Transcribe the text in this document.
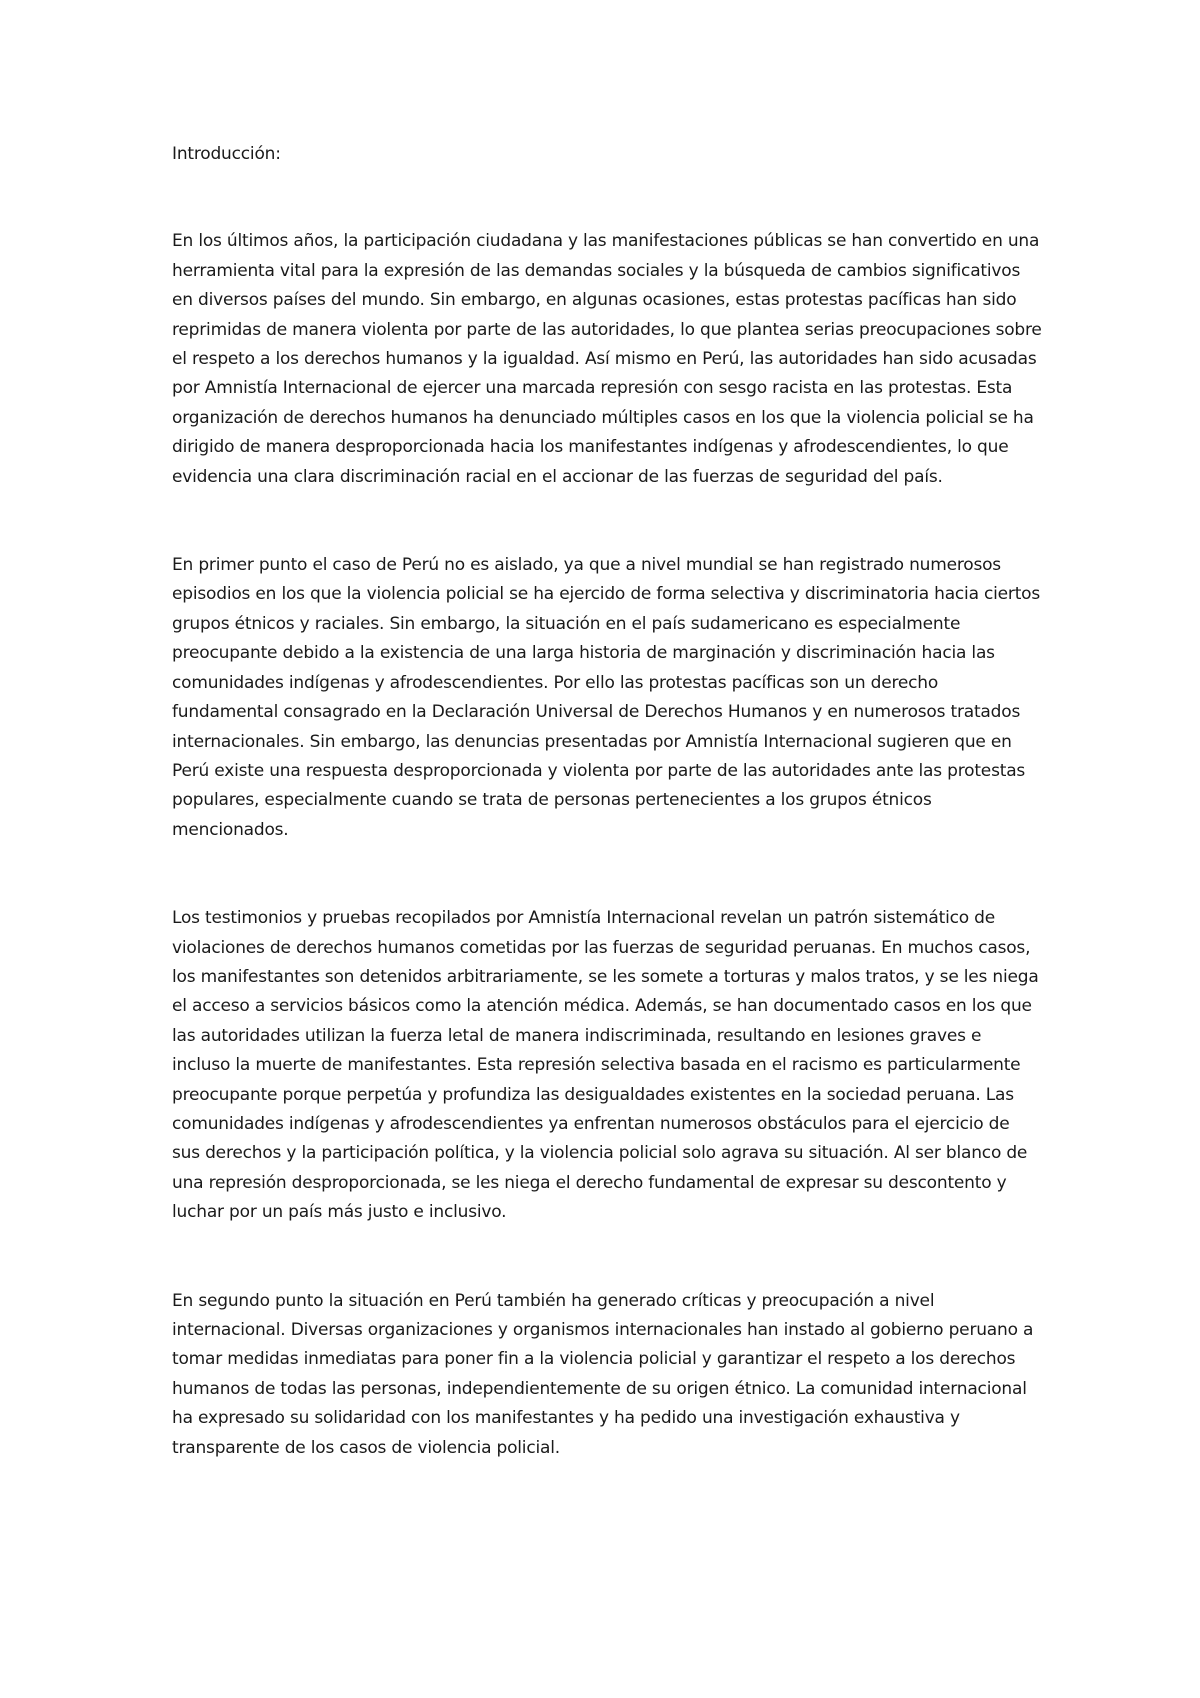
Introducción:

En los últimos años, la participación ciudadana y las manifestaciones públicas se han convertido en una herramienta vital para la expresión de las demandas sociales y la búsqueda de cambios significativos en diversos países del mundo. Sin embargo, en algunas ocasiones, estas protestas pacíficas han sido reprimidas de manera violenta por parte de las autoridades, lo que plantea serias preocupaciones sobre el respeto a los derechos humanos y la igualdad. Así mismo en Perú, las autoridades han sido acusadas por Amnistía Internacional de ejercer una marcada represión con sesgo racista en las protestas. Esta organización de derechos humanos ha denunciado múltiples casos en los que la violencia policial se ha dirigido de manera desproporcionada hacia los manifestantes indígenas y afrodescendientes, lo que evidencia una clara discriminación racial en el accionar de las fuerzas de seguridad del país.

En primer punto el caso de Perú no es aislado, ya que a nivel mundial se han registrado numerosos episodios en los que la violencia policial se ha ejercido de forma selectiva y discriminatoria hacia ciertos grupos étnicos y raciales. Sin embargo, la situación en el país sudamericano es especialmente preocupante debido a la existencia de una larga historia de marginación y discriminación hacia las comunidades indígenas y afrodescendientes. Por ello las protestas pacíficas son un derecho fundamental consagrado en la Declaración Universal de Derechos Humanos y en numerosos tratados internacionales. Sin embargo, las denuncias presentadas por Amnistía Internacional sugieren que en Perú existe una respuesta desproporcionada y violenta por parte de las autoridades ante las protestas populares, especialmente cuando se trata de personas pertenecientes a los grupos étnicos mencionados.

Los testimonios y pruebas recopilados por Amnistía Internacional revelan un patrón sistemático de violaciones de derechos humanos cometidas por las fuerzas de seguridad peruanas. En muchos casos, los manifestantes son detenidos arbitrariamente, se les somete a torturas y malos tratos, y se les niega el acceso a servicios básicos como la atención médica. Además, se han documentado casos en los que las autoridades utilizan la fuerza letal de manera indiscriminada, resultando en lesiones graves e incluso la muerte de manifestantes. Esta represión selectiva basada en el racismo es particularmente preocupante porque perpetúa y profundiza las desigualdades existentes en la sociedad peruana. Las comunidades indígenas y afrodescendientes ya enfrentan numerosos obstáculos para el ejercicio de sus derechos y la participación política, y la violencia policial solo agrava su situación. Al ser blanco de una represión desproporcionada, se les niega el derecho fundamental de expresar su descontento y luchar por un país más justo e inclusivo.

En segundo punto la situación en Perú también ha generado críticas y preocupación a nivel internacional. Diversas organizaciones y organismos internacionales han instado al gobierno peruano a tomar medidas inmediatas para poner fin a la violencia policial y garantizar el respeto a los derechos humanos de todas las personas, independientemente de su origen étnico. La comunidad internacional ha expresado su solidaridad con los manifestantes y ha pedido una investigación exhaustiva y transparente de los casos de violencia policial.
